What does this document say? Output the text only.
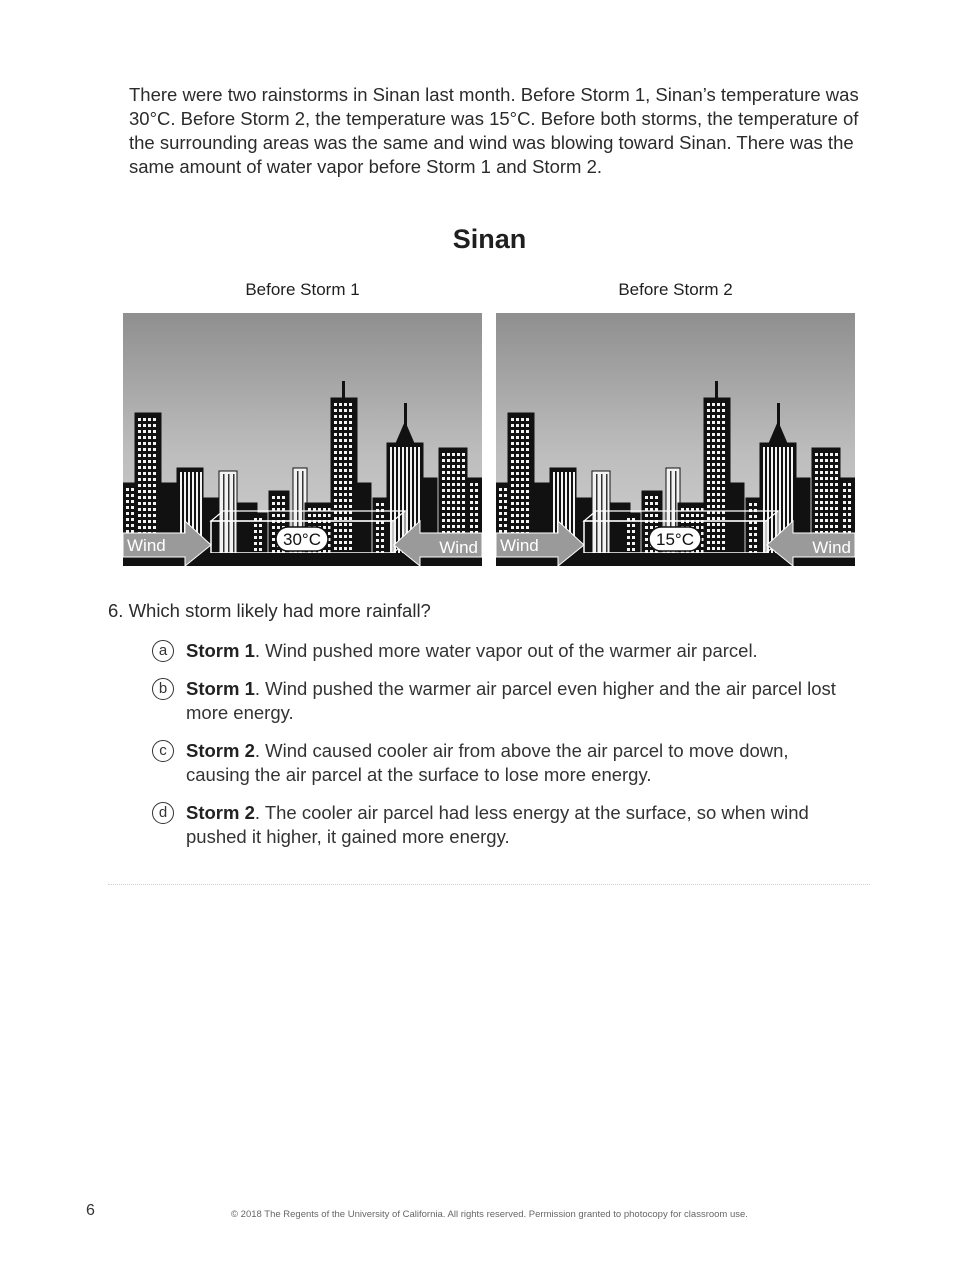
There were two rainstorms in Sinan last month. Before Storm 1, Sinan’s temperature was 30°C. Before Storm 2, the temperature was 15°C. Before both storms, the temperature of the surrounding areas was the same and wind was blowing toward Sinan. There was the same amount of water vapor before Storm 1 and Storm 2.

Sinan
Before Storm 1	Before Storm 2
Wind	Wind
30°C	Wind	Wind
15°C
6. Which storm likely had more rainfall?
a	Storm 1. Wind pushed more water vapor out of the warmer air parcel.
b	Storm 1. Wind pushed the warmer air parcel even higher and the air parcel lost more energy.
c	Storm 2. Wind caused cooler air from above the air parcel to move down, causing the air parcel at the surface to lose more energy.
d	Storm 2. The cooler air parcel had less energy at the surface, so when wind pushed it higher, it gained more energy.
6	© 2018 The Regents of the University of California. All rights reserved. Permission granted to photocopy for classroom use.
